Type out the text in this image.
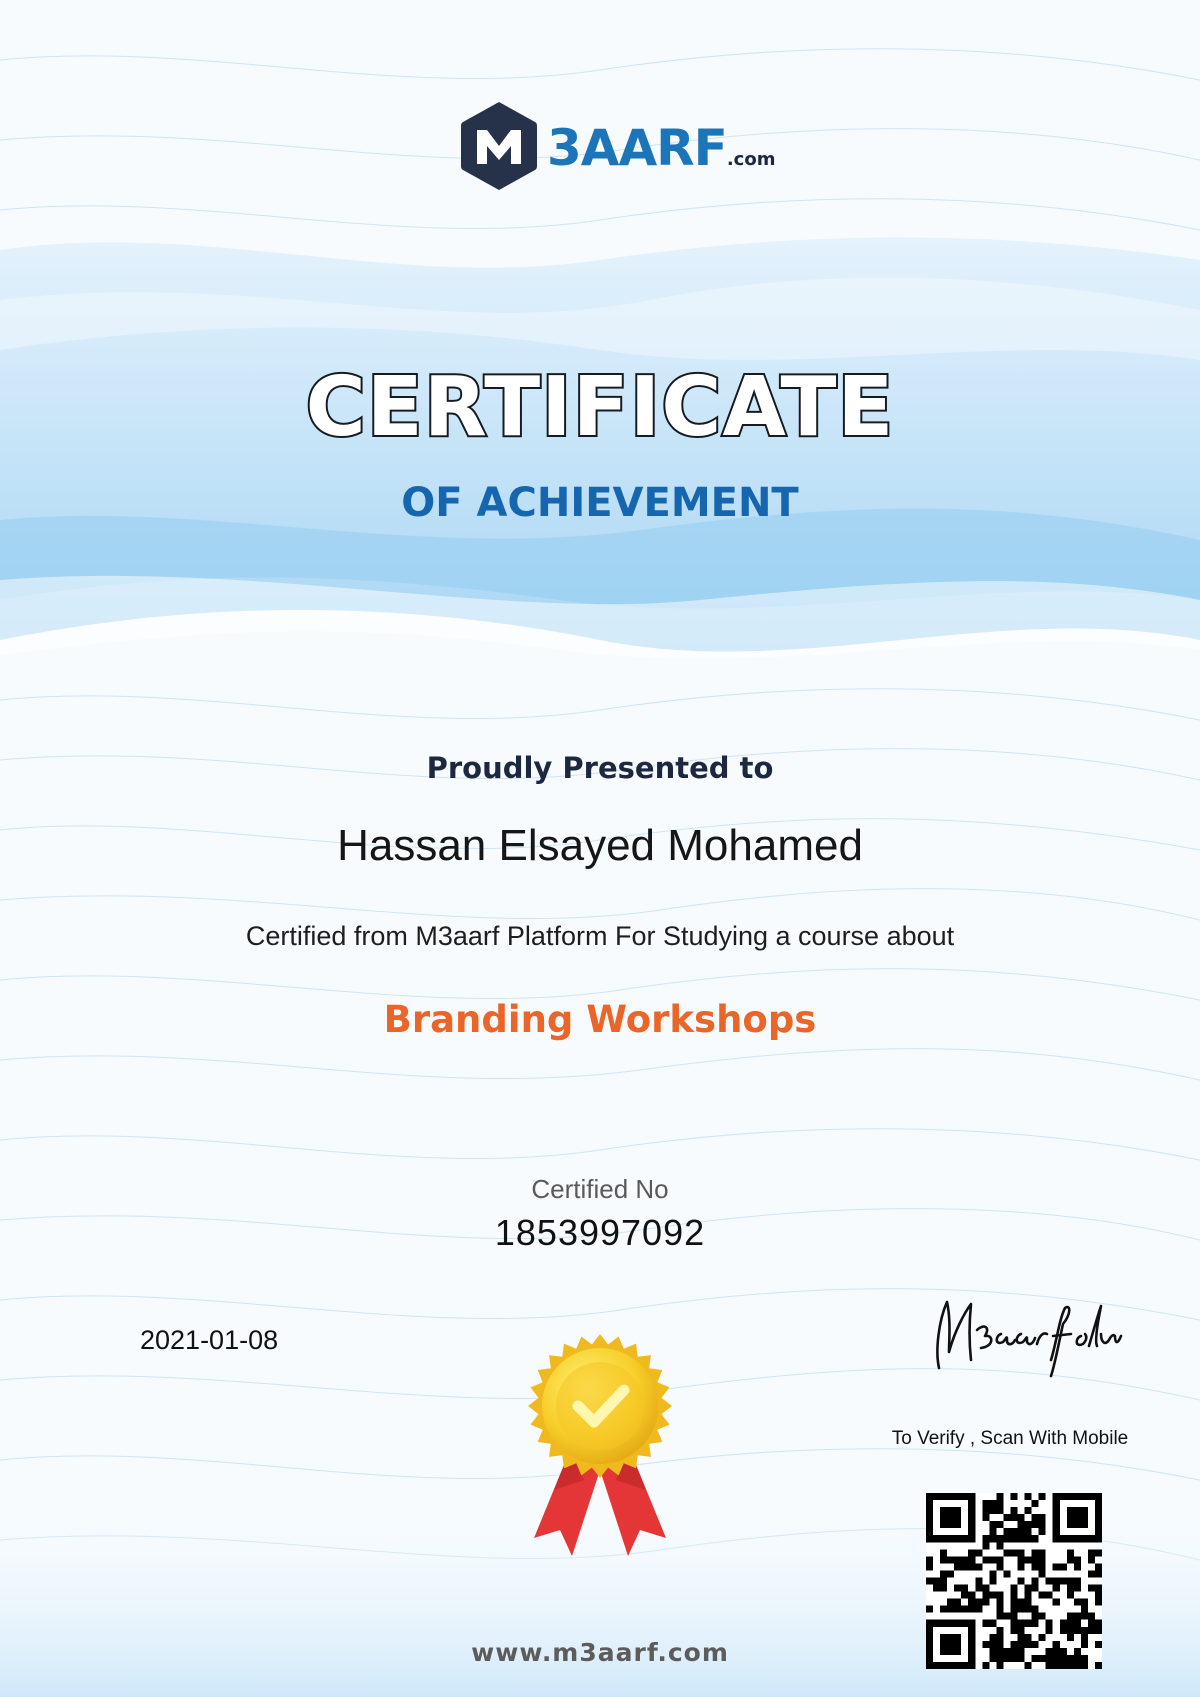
3AARF.com
CERTIFICATE
OF ACHIEVEMENT
Proudly Presented to
Hassan Elsayed Mohamed
Certified from M3aarf Platform For Studying a course about
Branding Workshops
Certified No
1853997092
2021-01-08
To Verify , Scan With Mobile
www.m3aarf.com
